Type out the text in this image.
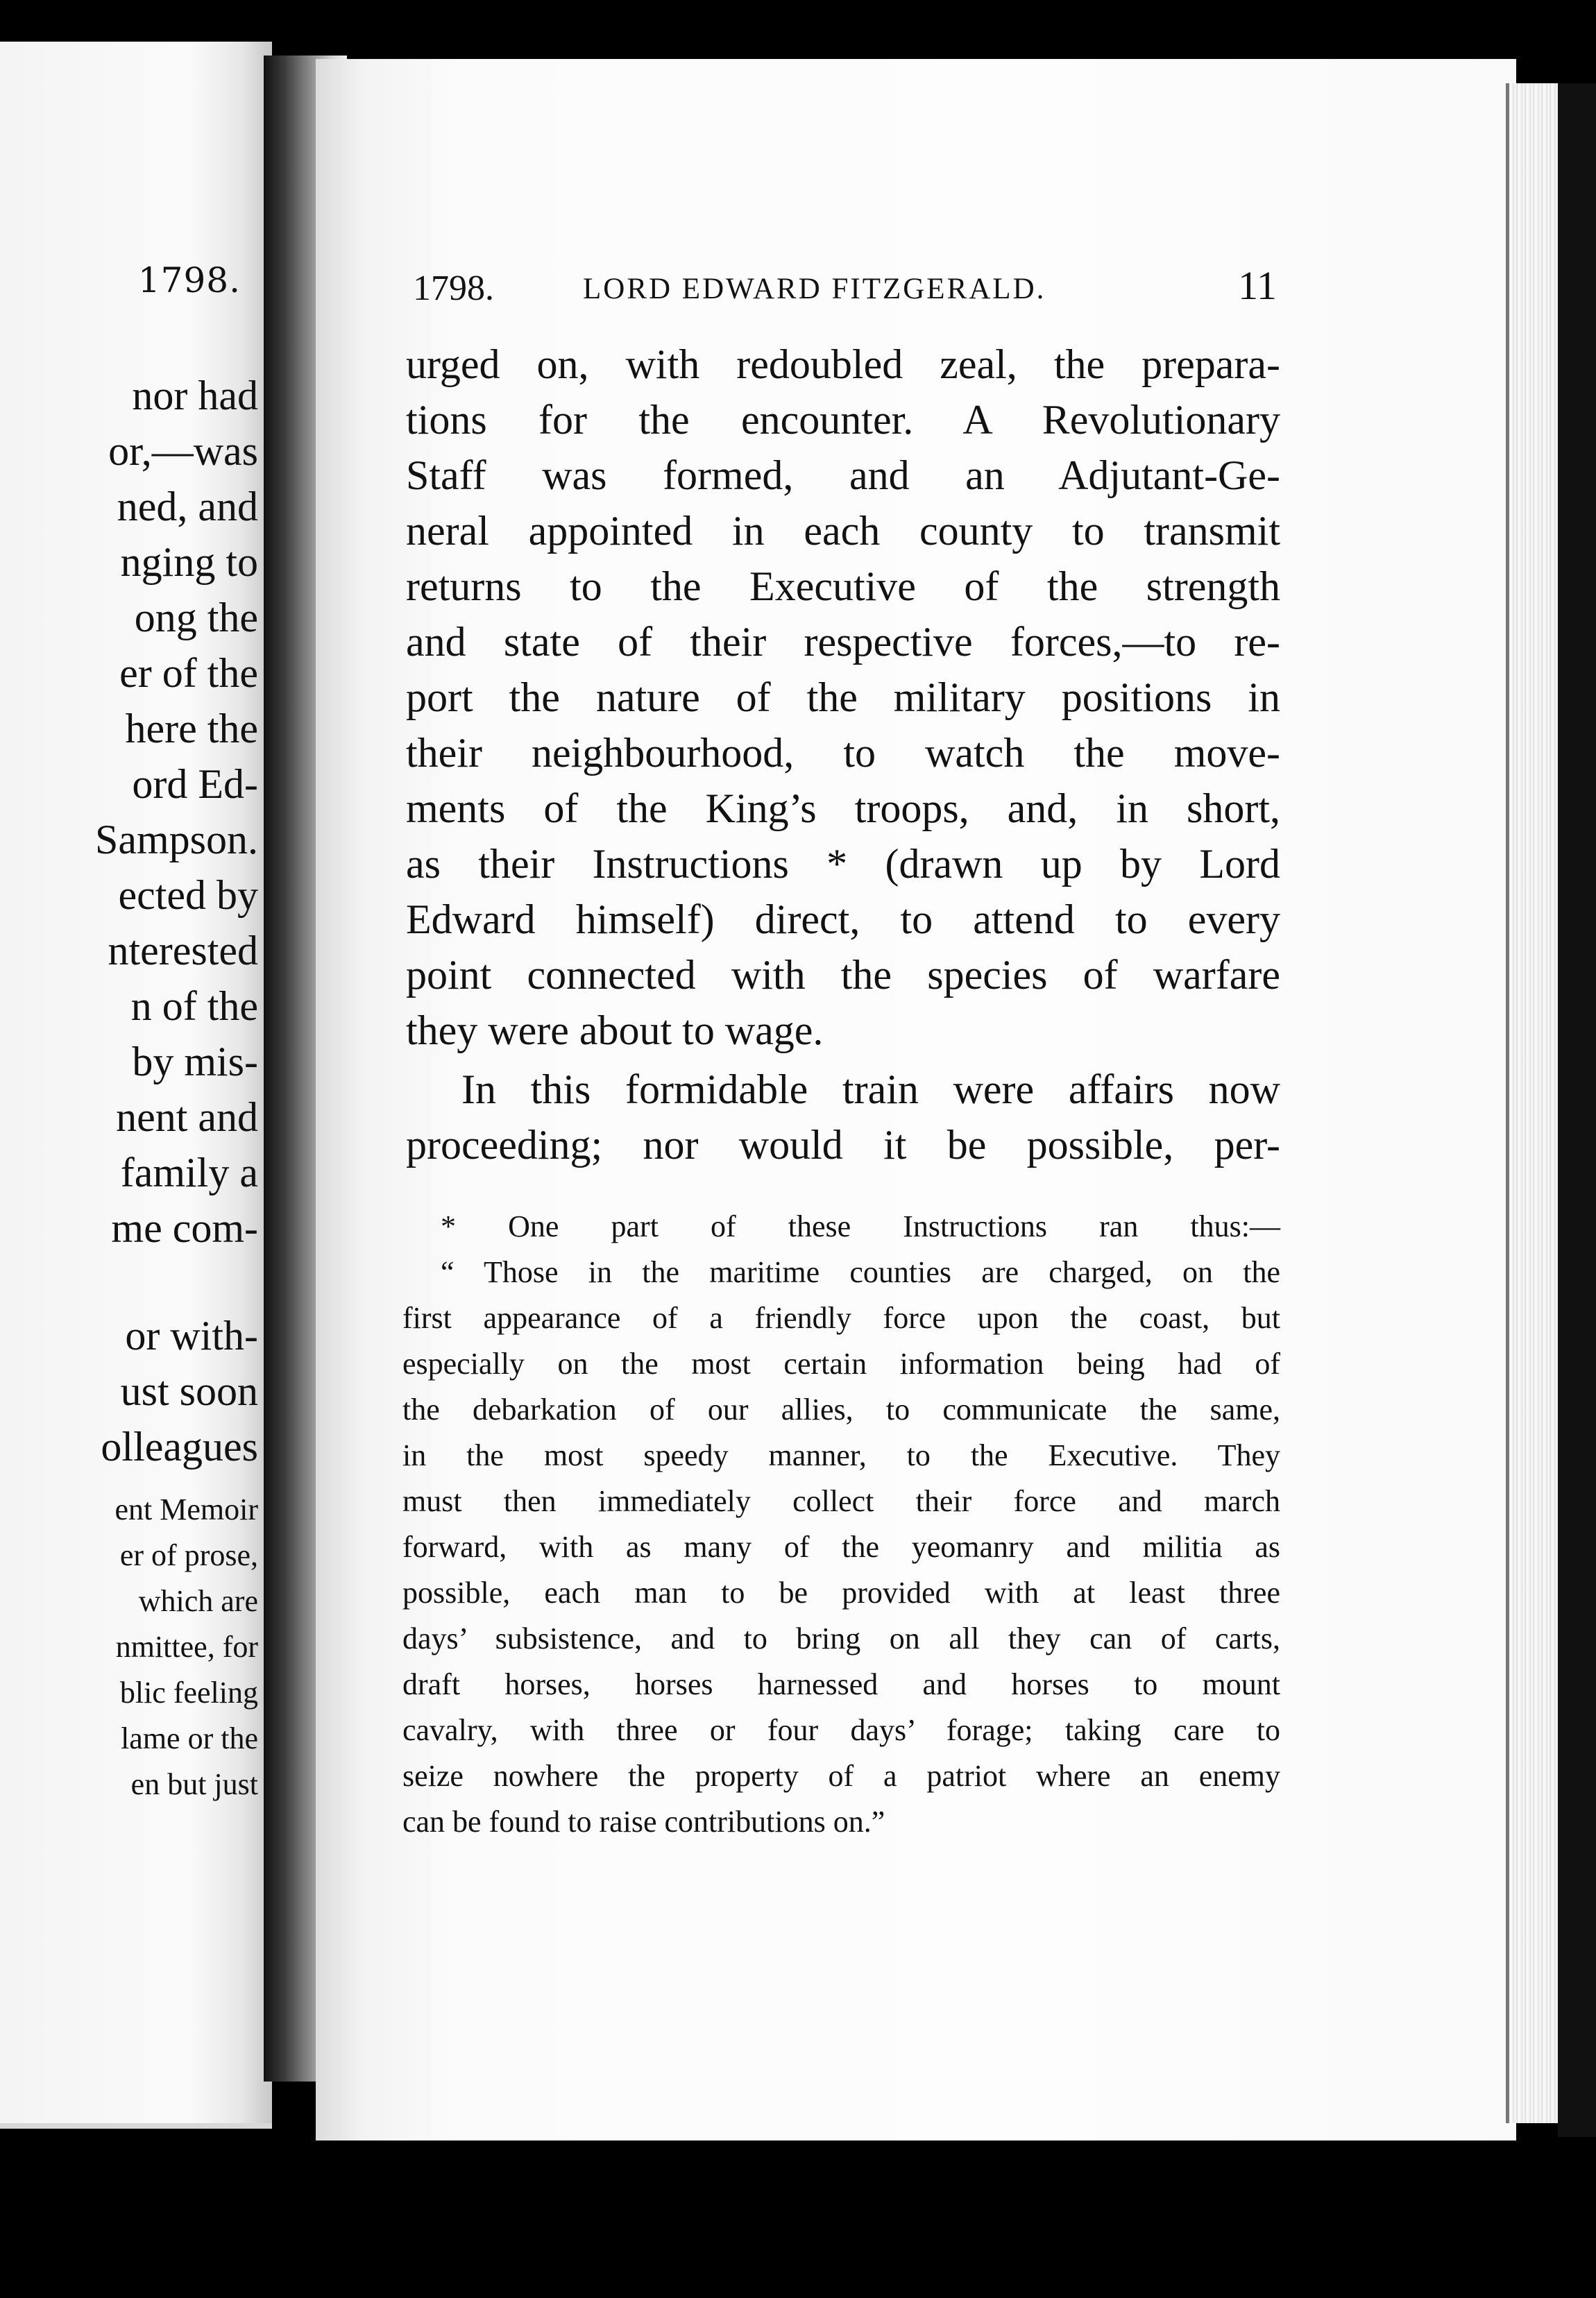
1798.
nor had
or,—was
ned, and
nging to
ong the
er of the
here the
ord Ed-
Sampson.
ected by
nterested
n of the
by mis-
nent and
family a
me com-
or with-
ust soon
olleagues
ent Memoir
er of prose,
which are
nmittee, for
blic feeling
lame or the
en but just
1798.	LORD EDWARD FITZGERALD.	11
urged on, with redoubled zeal, the prepara-
tions for the encounter. A Revolutionary
Staff was formed, and an Adjutant-Ge-
neral appointed in each county to transmit
returns to the Executive of the strength
and state of their respective forces,—to re-
port the nature of the military positions in
their neighbourhood, to watch the move-
ments of the King’s troops, and, in short,
as their Instructions * (drawn up by Lord
Edward himself) direct, to attend to every
point connected with the species of warfare
they were about to wage.
In this formidable train were affairs now
proceeding; nor would it be possible, per-
* One part of these Instructions ran thus:—
“ Those in the maritime counties are charged, on the
first appearance of a friendly force upon the coast, but
especially on the most certain information being had of
the debarkation of our allies, to communicate the same,
in the most speedy manner, to the Executive. They
must then immediately collect their force and march
forward, with as many of the yeomanry and militia as
possible, each man to be provided with at least three
days’ subsistence, and to bring on all they can of carts,
draft horses, horses harnessed and horses to mount
cavalry, with three or four days’ forage; taking care to
seize nowhere the property of a patriot where an enemy
can be found to raise contributions on.”
